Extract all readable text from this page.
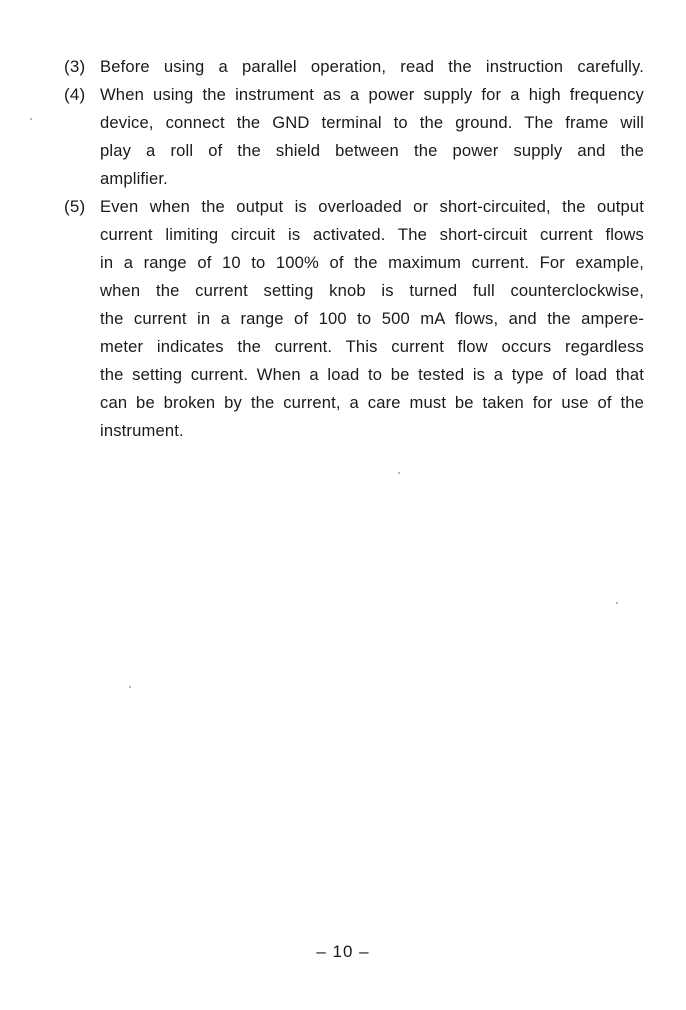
(3) Before using a parallel operation, read the instruction carefully.
(4) When using the instrument as a power supply for a high frequency
device, connect the GND terminal to the ground. The frame will
play a roll of the shield between the power supply and the
amplifier.
(5) Even when the output is overloaded or short-circuited, the output
current limiting circuit is activated. The short-circuit current flows
in a range of 10 to 100% of the maximum current. For example,
when the current setting knob is turned full counterclockwise,
the current in a range of 100 to 500 mA flows, and the ampere-
meter indicates the current. This current flow occurs regardless
the setting current. When a load to be tested is a type of load that
can be broken by the current, a care must be taken for use of the
instrument.
– 10 –
